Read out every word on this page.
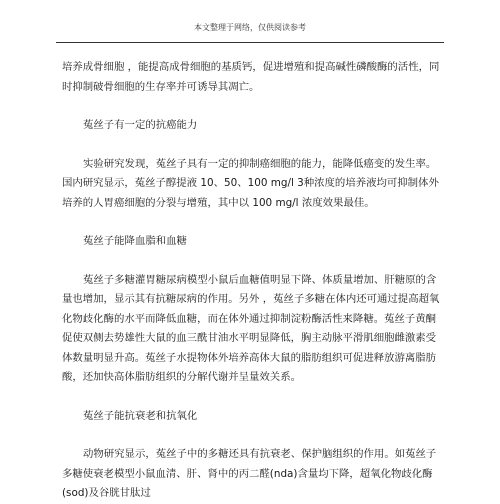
本文整理于网络，仅供阅读参考

培养成骨细胞 ，能提高成骨细胞的基质钙，促进增殖和提高碱性磷酸酶的活性，同时抑制破骨细胞的生存率并可诱导其凋亡。

菟丝子有一定的抗癌能力

实验研究发现，菟丝子具有一定的抑制癌细胞的能力，能降低癌变的发生率。国内研究显示，菟丝子醇提液 10、50、100 mg/l 3种浓度的培养液均可抑制体外培养的人胃癌细胞的分裂与增殖，其中以 100 mg/l 浓度效果最佳。

菟丝子能降血脂和血糖

菟丝子多糖灌胃糖尿病模型小鼠后血糖值明显下降、体质量增加、肝糖原的含量也增加，显示其有抗糖尿病的作用。另外 ，菟丝子多糖在体内还可通过提高超氧化物歧化酶的水平而降低血糖，而在体外通过抑制淀粉酶活性来降糖。菟丝子黄酮促使双侧去势雄性大鼠的血三酰甘油水平明显降低，胸主动脉平滑肌细胞雌激素受体数量明显升高。菟丝子水提物体外培养高体大鼠的脂肪组织可促进释放游离脂肪酸，还加快高体脂肪组织的分解代谢并呈量效关系。

菟丝子能抗衰老和抗氧化

动物研究显示，菟丝子中的多糖还具有抗衰老、保护脑组织的作用。如菟丝子多糖使衰老模型小鼠血清、肝、肾中的丙二醛(nda)含量均下降，超氧化物歧化酶(sod)及谷胱甘肽过
